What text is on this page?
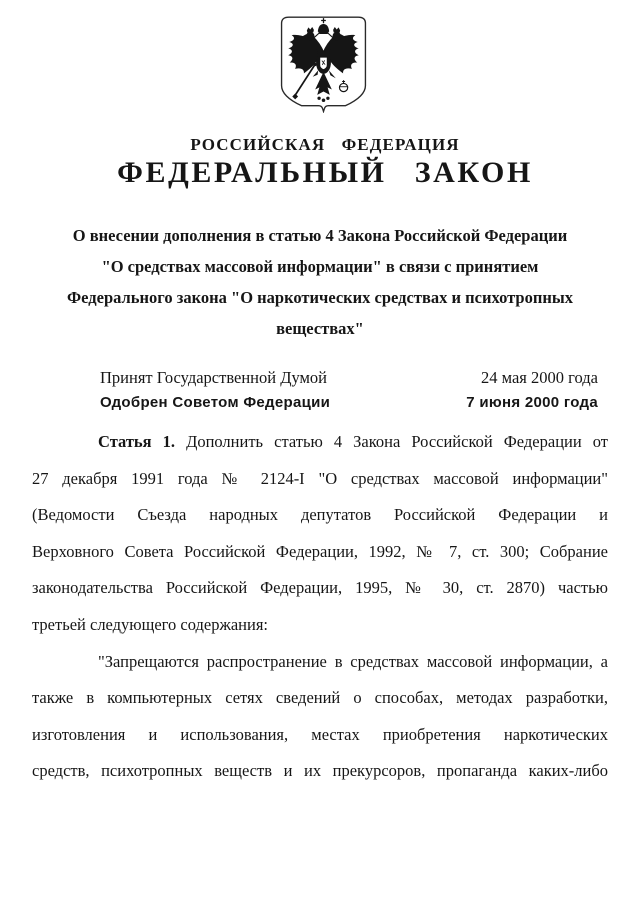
РОССИЙСКАЯ ФЕДЕРАЦИЯ
ФЕДЕРАЛЬНЫЙ ЗАКОН
О внесении дополнения в статью 4 Закона Российской Федерации
"О средствах массовой информации" в связи с принятием
Федерального закона "О наркотических средствах и психотропных
веществах"
Принят Государственной Думой	24 мая 2000 года
Одобрен Советом Федерации	7 июня 2000 года
Статья 1. Дополнить статью 4 Закона Российской Федерации от
27 декабря 1991 года № 2124-I "О средствах массовой информации"
(Ведомости Съезда народных депутатов Российской Федерации и
Верховного Совета Российской Федерации, 1992, № 7, ст. 300; Собрание
законодательства Российской Федерации, 1995, № 30, ст. 2870) частью
третьей следующего содержания:
"Запрещаются распространение в средствах массовой информации, а
также в компьютерных сетях сведений о способах, методах разработки,
изготовления и использования, местах приобретения наркотических
средств, психотропных веществ и их прекурсоров, пропаганда каких-либо
